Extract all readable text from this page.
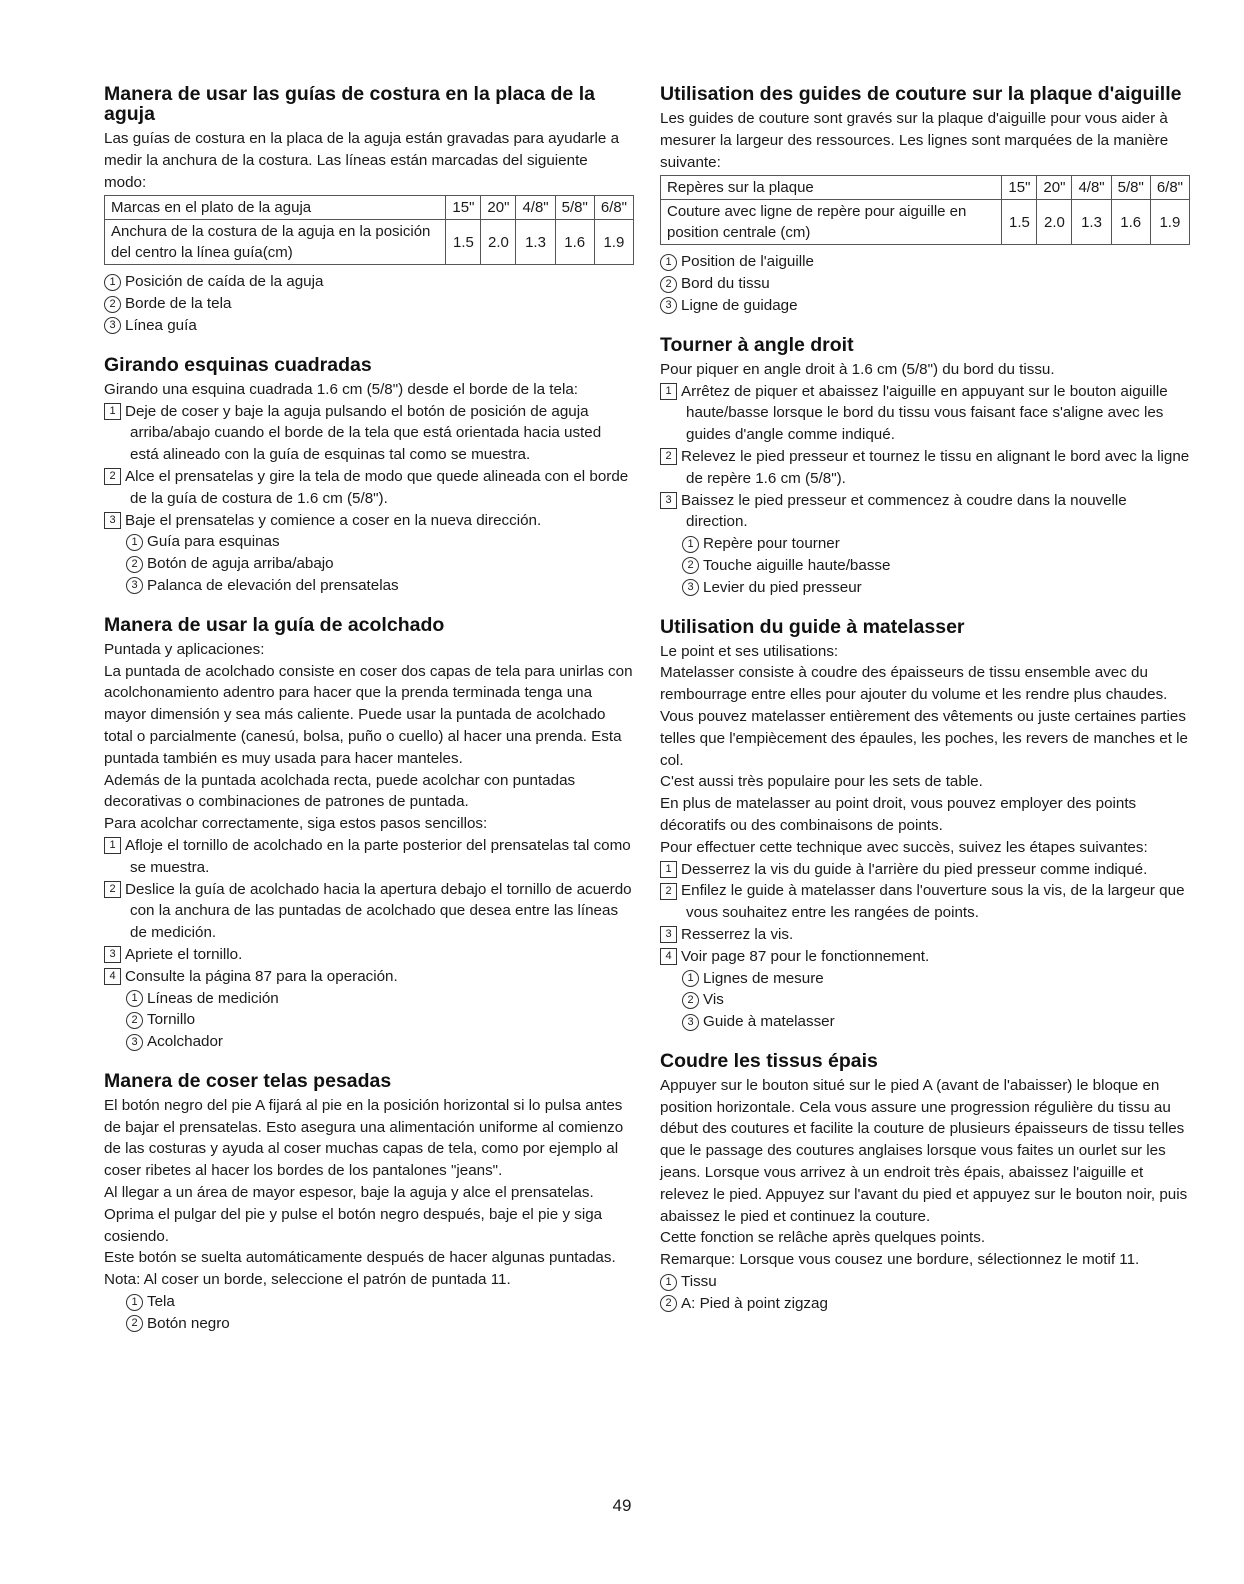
Manera de usar las guías de costura en la placa de la aguja

Las guías de costura en la placa de la aguja están gravadas para ayudarle a medir la anchura de la costura. Las líneas están marcadas del siguiente modo:

Marcas en el plato de la aguja	15"	20"	4/8"	5/8"	6/8"
Anchura de la costura de la aguja en la posición del centro la línea guía(cm)	1.5	2.0	1.3	1.6	1.9
1 Posición de caída de la aguja
2 Borde de la tela
3 Línea guía
Girando esquinas cuadradas

Girando una esquina cuadrada 1.6 cm (5/8") desde el borde de la tela:

1 Deje de coser y baje la aguja pulsando el botón de posición de aguja arriba/abajo cuando el borde de la tela que está orientada hacia usted está alineado con la guía de esquinas tal como se muestra.

2 Alce el prensatelas y gire la tela de modo que quede alineada con el borde de la guía de costura de 1.6 cm (5/8").

3 Baje el prensatelas y comience a coser en la nueva dirección.

1 Guía para esquinas
2 Botón de aguja arriba/abajo
3 Palanca de elevación del prensatelas
Manera de usar la guía de acolchado

Puntada y aplicaciones:

La puntada de acolchado consiste en coser dos capas de tela para unirlas con acolchonamiento adentro para hacer que la prenda terminada tenga una mayor dimensión y sea más caliente. Puede usar la puntada de acolchado total o parcialmente (canesú, bolsa, puño o cuello) al hacer una prenda. Esta puntada también es muy usada para hacer manteles.

Además de la puntada acolchada recta, puede acolchar con puntadas decorativas o combinaciones de patrones de puntada.

Para acolchar correctamente, siga estos pasos sencillos:

1 Afloje el tornillo de acolchado en la parte posterior del prensatelas tal como se muestra.

2 Deslice la guía de acolchado hacia la apertura debajo el tornillo de acuerdo con la anchura de las puntadas de acolchado que desea entre las líneas de medición.

3 Apriete el tornillo.

4 Consulte la página 87 para la operación.

1 Líneas de medición
2 Tornillo
3 Acolchador
Manera de coser telas pesadas

El botón negro del pie A fijará al pie en la posición horizontal si lo pulsa antes de bajar el prensatelas. Esto asegura una alimentación uniforme al comienzo de las costuras y ayuda al coser muchas capas de tela, como por ejemplo al coser ribetes al hacer los bordes de los pantalones "jeans".

Al llegar a un área de mayor espesor, baje la aguja y alce el prensatelas. Oprima el pulgar del pie y pulse el botón negro después, baje el pie y siga cosiendo.

Este botón se suelta automáticamente después de hacer algunas puntadas.

Nota: Al coser un borde, seleccione el patrón de puntada 11.

1 Tela
2 Botón negro
Utilisation des guides de couture sur la plaque d'aiguille

Les guides de couture sont gravés sur la plaque d'aiguille pour vous aider à mesurer la largeur des ressources. Les lignes sont marquées de la manière suivante:

Repères sur la plaque	15"	20"	4/8"	5/8"	6/8"
Couture avec ligne de repère pour aiguille en position centrale (cm)	1.5	2.0	1.3	1.6	1.9
1 Position de l'aiguille
2 Bord du tissu
3 Ligne de guidage
Tourner à angle droit

Pour piquer en angle droit à 1.6 cm (5/8") du bord du tissu.

1 Arrêtez de piquer et abaissez l'aiguille en appuyant sur le bouton aiguille haute/basse lorsque le bord du tissu vous faisant face s'aligne avec les guides d'angle comme indiqué.

2 Relevez le pied presseur et tournez le tissu en alignant le bord avec la ligne de repère 1.6 cm (5/8").

3 Baissez le pied presseur et commencez à coudre dans la nouvelle direction.

1 Repère pour tourner
2 Touche aiguille haute/basse
3 Levier du pied presseur
Utilisation du guide à matelasser

Le point et ses utilisations:

Matelasser consiste à coudre des épaisseurs de tissu ensemble avec du rembourrage entre elles pour ajouter du volume et les rendre plus chaudes. Vous pouvez matelasser entièrement des vêtements ou juste certaines parties telles que l'empiècement des épaules, les poches, les revers de manches et le col.

C'est aussi très populaire pour les sets de table.

En plus de matelasser au point droit, vous pouvez employer des points décoratifs ou des combinaisons de points.

Pour effectuer cette technique avec succès, suivez les étapes suivantes:

1 Desserrez la vis du guide à l'arrière du pied presseur comme indiqué.

2 Enfilez le guide à matelasser dans l'ouverture sous la vis, de la largeur que vous souhaitez entre les rangées de points.

3 Resserrez la vis.

4 Voir page 87 pour le fonctionnement.

1 Lignes de mesure
2 Vis
3 Guide à matelasser
Coudre les tissus épais

Appuyer sur le bouton situé sur le pied A (avant de l'abaisser) le bloque en position horizontale. Cela vous assure une progression régulière du tissu au début des coutures et facilite la couture de plusieurs épaisseurs de tissu telles que le passage des coutures anglaises lorsque vous faites un ourlet sur les jeans. Lorsque vous arrivez à un endroit très épais, abaissez l'aiguille et relevez le pied. Appuyez sur l'avant du pied et appuyez sur le bouton noir, puis abaissez le pied et continuez la couture.

Cette fonction se relâche après quelques points.

Remarque: Lorsque vous cousez une bordure, sélectionnez le motif 11.

1 Tissu
2 A: Pied à point zigzag
49
